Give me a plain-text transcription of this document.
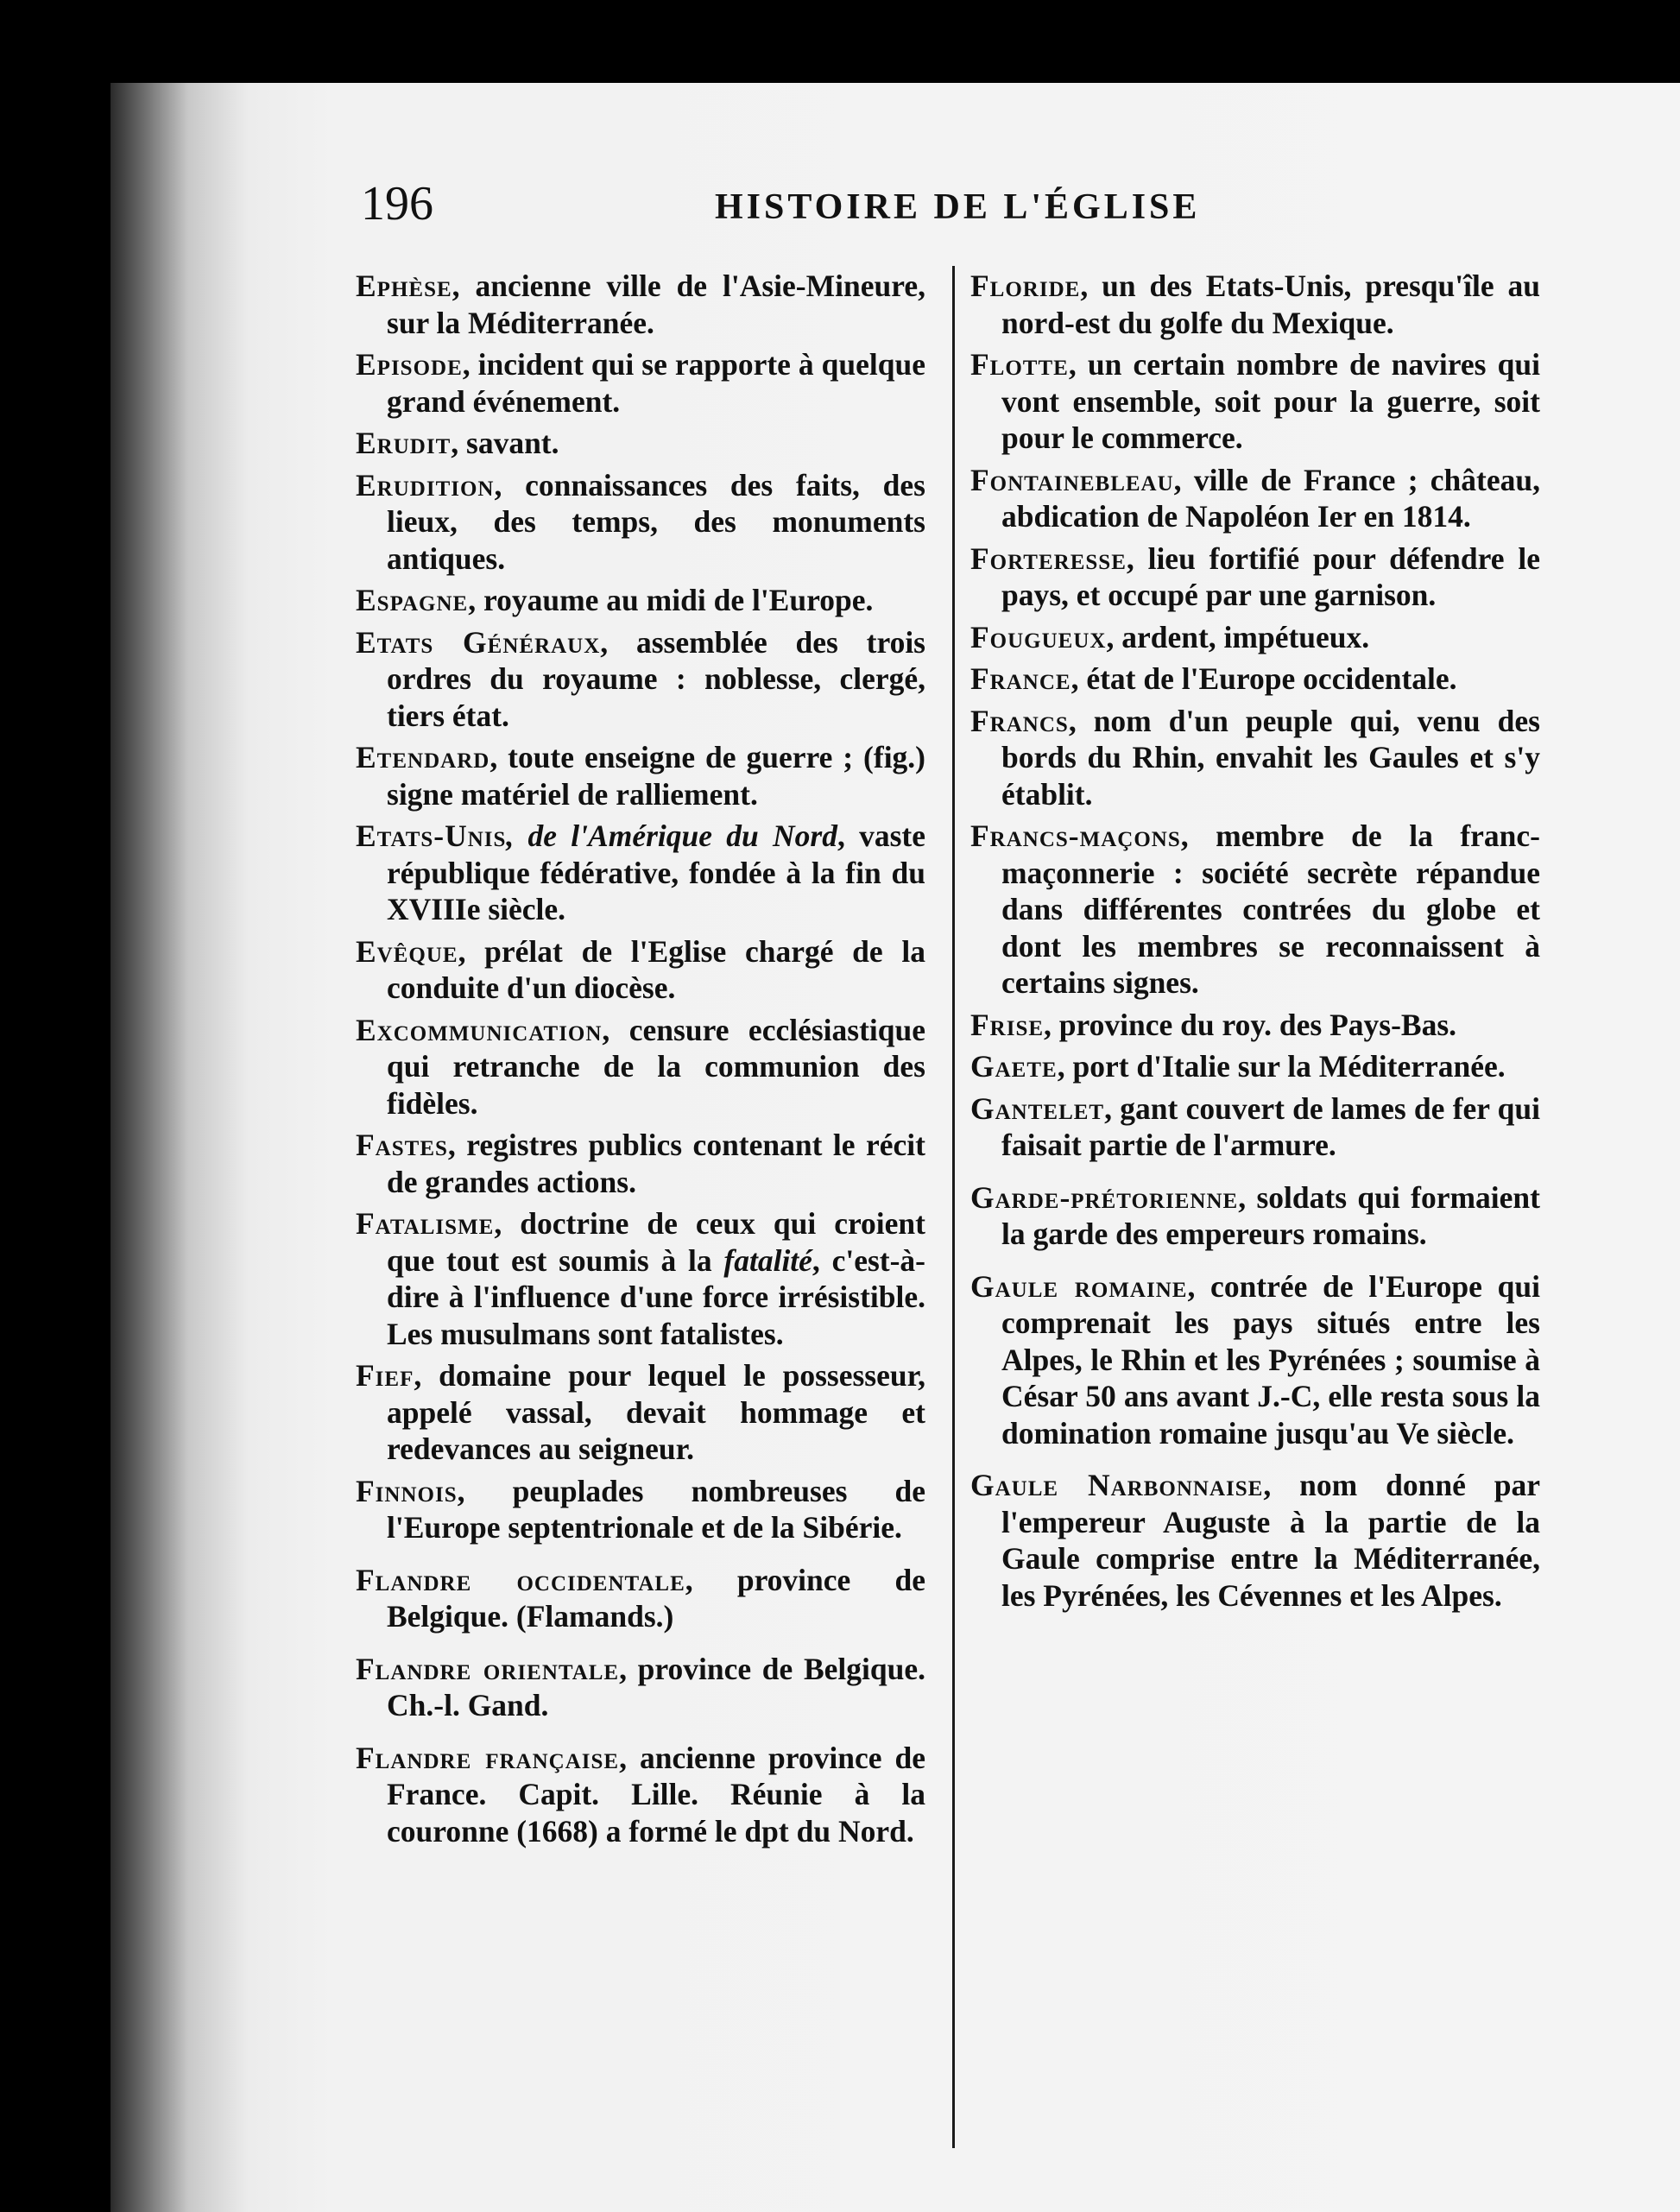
196	HISTOIRE DE L'ÉGLISE

Ephèse, ancienne ville de l'Asie-Mineure, sur la Méditerranée.

Episode, incident qui se rapporte à quelque grand événement.

Erudit, savant.

Erudition, connaissances des faits, des lieux, des temps, des monuments antiques.

Espagne, royaume au midi de l'Europe.

Etats Généraux, assemblée des trois ordres du royaume : noblesse, clergé, tiers état.

Etendard, toute enseigne de guerre ; (fig.) signe matériel de ralliement.

Etats-Unis, de l'Amérique du Nord, vaste république fédérative, fondée à la fin du XVIIIe siècle.

Evêque, prélat de l'Eglise chargé de la conduite d'un diocèse.

Excommunication, censure ecclésiastique qui retranche de la communion des fidèles.

Fastes, registres publics contenant le récit de grandes actions.

Fatalisme, doctrine de ceux qui croient que tout est soumis à la fatalité, c'est-à-dire à l'influence d'une force irrésistible. Les musulmans sont fatalistes.

Fief, domaine pour lequel le possesseur, appelé vassal, devait hommage et redevances au seigneur.

Finnois, peuplades nombreuses de l'Europe septentrionale et de la Sibérie.

Flandre occidentale, province de Belgique. (Flamands.)

Flandre orientale, province de Belgique. Ch.-l. Gand.

Flandre française, ancienne province de France. Capit. Lille. Réunie à la couronne (1668) a formé le dpt du Nord.

Floride, un des Etats-Unis, presqu'île au nord-est du golfe du Mexique.

Flotte, un certain nombre de navires qui vont ensemble, soit pour la guerre, soit pour le commerce.

Fontainebleau, ville de France ; château, abdication de Napoléon Ier en 1814.

Forteresse, lieu fortifié pour défendre le pays, et occupé par une garnison.

Fougueux, ardent, impétueux.

France, état de l'Europe occidentale.

Francs, nom d'un peuple qui, venu des bords du Rhin, envahit les Gaules et s'y établit.

Francs-maçons, membre de la franc-maçonnerie : société secrète répandue dans différentes contrées du globe et dont les membres se reconnaissent à certains signes.

Frise, province du roy. des Pays-Bas.

Gaete, port d'Italie sur la Méditerranée.

Gantelet, gant couvert de lames de fer qui faisait partie de l'armure.

Garde-prétorienne, soldats qui formaient la garde des empereurs romains.

Gaule romaine, contrée de l'Europe qui comprenait les pays situés entre les Alpes, le Rhin et les Pyrénées ; soumise à César 50 ans avant J.-C, elle resta sous la domination romaine jusqu'au Ve siècle.

Gaule Narbonnaise, nom donné par l'empereur Auguste à la partie de la Gaule comprise entre la Méditerranée, les Pyrénées, les Cévennes et les Alpes.
